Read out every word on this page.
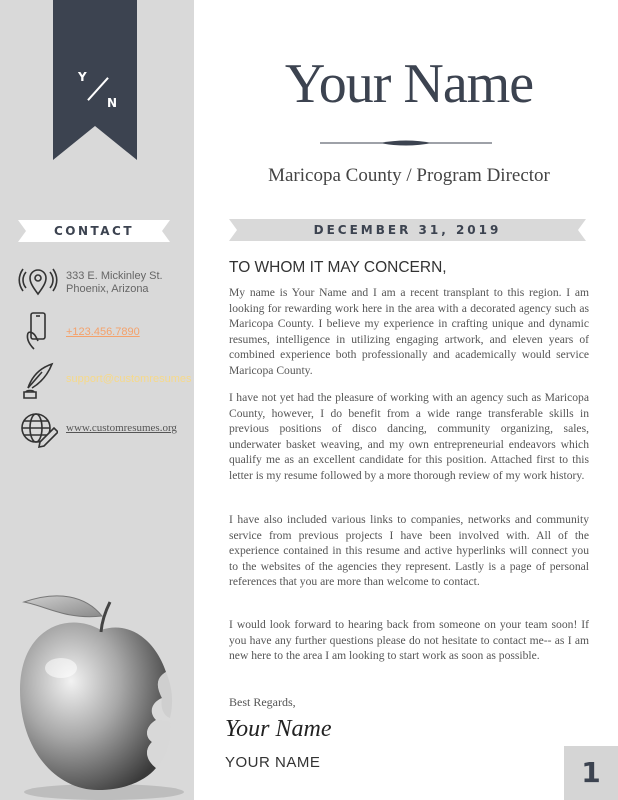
Y
N
CONTACT
333 E. Mickinley St.
Phoenix, Arizona
+123.456.7890
support@customresumes
www.customresumes.org
Your Name
Maricopa County / Program Director
DECEMBER 31, 2019
TO WHOM IT MAY CONCERN,

My name is Your Name and I am a recent transplant to this region. I am looking for rewarding work here in the area with a decorated agency such as Maricopa County. I believe my experience in crafting unique and dynamic resumes, intelligence in utilizing engaging artwork, and eleven years of combined experience both professionally and academically would service Maricopa County.

I have not yet had the pleasure of working with an agency such as Maricopa County, however, I do benefit from a wide range transferable skills in previous positions of disco dancing, community organizing, sales, underwater basket weaving, and my own entrepreneurial endeavors which qualify me as an excellent candidate for this position. Attached first to this letter is my resume followed by a more thorough review of my work history.

I have also included various links to companies, networks and community service from previous projects I have been involved with. All of the experience contained in this resume and active hyperlinks will connect you to the websites of the agencies they represent. Lastly is a page of personal references that you are more than welcome to contact.

I would look forward to hearing back from someone on your team soon! If you have any further questions please do not hesitate to contact me-- as I am new here to the area I am looking to start work as soon as possible.

Best Regards,
Your Name
YOUR NAME	1
